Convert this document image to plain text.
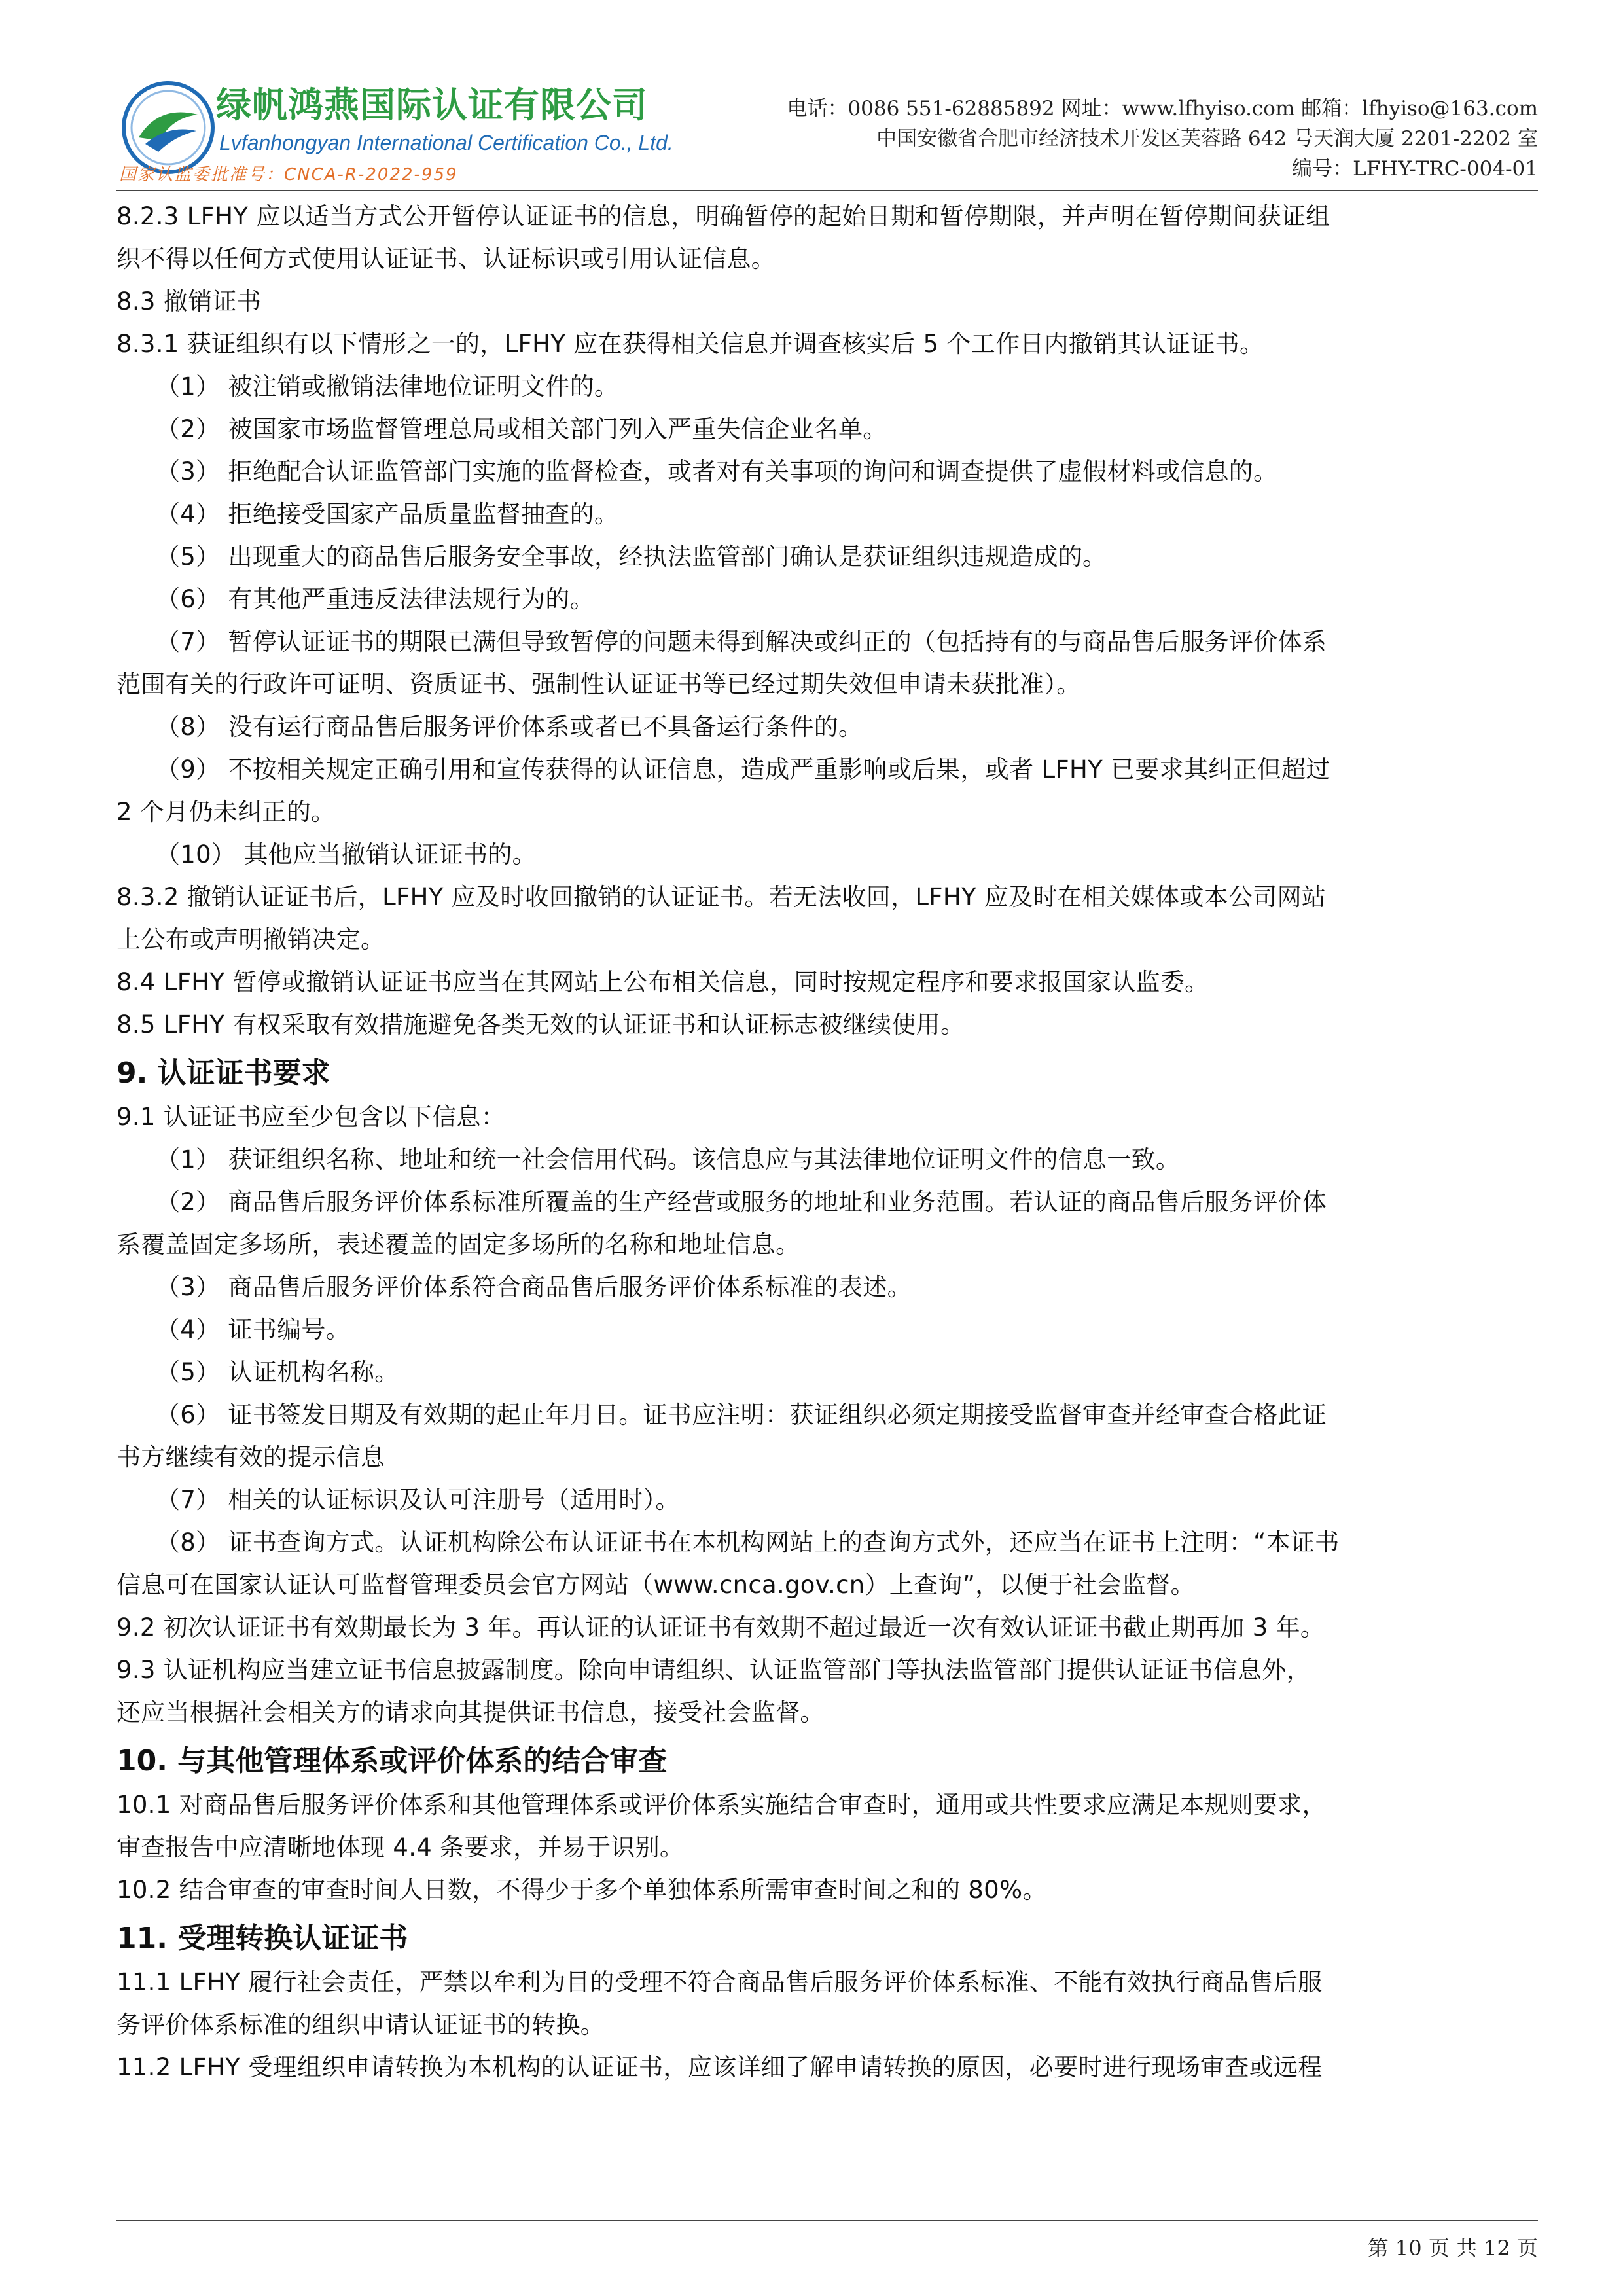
绿帆鸿燕国际认证有限公司
Lvfanhongyan International Certification Co., Ltd.
国家认监委批准号：CNCA-R-2022-959
电话：0086 551-62885892 网址：www.lfhyiso.com 邮箱：lfhyiso@163.com
中国安徽省合肥市经济技术开发区芙蓉路 642 号天润大厦 2201-2202 室
编号：LFHY-TRC-004-01
8.2.3 LFHY 应以适当方式公开暂停认证证书的信息，明确暂停的起始日期和暂停期限，并声明在暂停期间获证组
织不得以任何方式使用认证证书、认证标识或引用认证信息。
8.3 撤销证书
8.3.1 获证组织有以下情形之一的，LFHY 应在获得相关信息并调查核实后 5 个工作日内撤销其认证证书。
（1） 被注销或撤销法律地位证明文件的。
（2） 被国家市场监督管理总局或相关部门列入严重失信企业名单。
（3） 拒绝配合认证监管部门实施的监督检查，或者对有关事项的询问和调查提供了虚假材料或信息的。
（4） 拒绝接受国家产品质量监督抽查的。
（5） 出现重大的商品售后服务安全事故，经执法监管部门确认是获证组织违规造成的。
（6） 有其他严重违反法律法规行为的。
（7） 暂停认证证书的期限已满但导致暂停的问题未得到解决或纠正的（包括持有的与商品售后服务评价体系
范围有关的行政许可证明、资质证书、强制性认证证书等已经过期失效但申请未获批准）。
（8） 没有运行商品售后服务评价体系或者已不具备运行条件的。
（9） 不按相关规定正确引用和宣传获得的认证信息，造成严重影响或后果，或者 LFHY 已要求其纠正但超过
2 个月仍未纠正的。
（10） 其他应当撤销认证证书的。
8.3.2 撤销认证证书后，LFHY 应及时收回撤销的认证证书。若无法收回，LFHY 应及时在相关媒体或本公司网站
上公布或声明撤销决定。
8.4 LFHY 暂停或撤销认证证书应当在其网站上公布相关信息，同时按规定程序和要求报国家认监委。
8.5 LFHY 有权采取有效措施避免各类无效的认证证书和认证标志被继续使用。
9. 认证证书要求
9.1 认证证书应至少包含以下信息：
（1） 获证组织名称、地址和统一社会信用代码。该信息应与其法律地位证明文件的信息一致。
（2） 商品售后服务评价体系标准所覆盖的生产经营或服务的地址和业务范围。若认证的商品售后服务评价体
系覆盖固定多场所，表述覆盖的固定多场所的名称和地址信息。
（3） 商品售后服务评价体系符合商品售后服务评价体系标准的表述。
（4） 证书编号。
（5） 认证机构名称。
（6） 证书签发日期及有效期的起止年月日。证书应注明：获证组织必须定期接受监督审查并经审查合格此证
书方继续有效的提示信息
（7） 相关的认证标识及认可注册号（适用时）。
（8） 证书查询方式。认证机构除公布认证证书在本机构网站上的查询方式外，还应当在证书上注明：“本证书
信息可在国家认证认可监督管理委员会官方网站（www.cnca.gov.cn）上查询”，以便于社会监督。
9.2 初次认证证书有效期最长为 3 年。再认证的认证证书有效期不超过最近一次有效认证证书截止期再加 3 年。
9.3 认证机构应当建立证书信息披露制度。除向申请组织、认证监管部门等执法监管部门提供认证证书信息外，
还应当根据社会相关方的请求向其提供证书信息，接受社会监督。
10. 与其他管理体系或评价体系的结合审查
10.1 对商品售后服务评价体系和其他管理体系或评价体系实施结合审查时，通用或共性要求应满足本规则要求，
审查报告中应清晰地体现 4.4 条要求，并易于识别。
10.2 结合审查的审查时间人日数，不得少于多个单独体系所需审查时间之和的 80%。
11. 受理转换认证证书
11.1 LFHY 履行社会责任，严禁以牟利为目的受理不符合商品售后服务评价体系标准、不能有效执行商品售后服
务评价体系标准的组织申请认证证书的转换。
11.2 LFHY 受理组织申请转换为本机构的认证证书，应该详细了解申请转换的原因，必要时进行现场审查或远程
第 10 页 共 12 页
